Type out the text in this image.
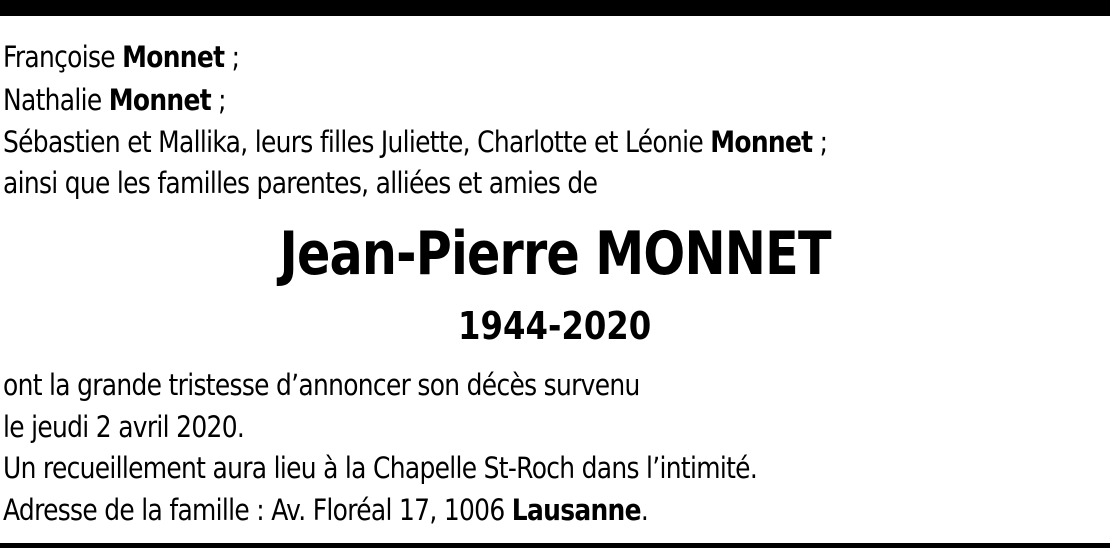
Françoise Monnet ;
Nathalie Monnet ;
Sébastien et Mallika, leurs filles Juliette, Charlotte et Léonie Monnet ;
ainsi que les familles parentes, alliées et amies de
Jean-Pierre MONNET
1944-2020
ont la grande tristesse d’annoncer son décès survenu
le jeudi 2 avril 2020.
Un recueillement aura lieu à la Chapelle St-Roch dans l’intimité.
Adresse de la famille : Av. Floréal 17, 1006 Lausanne.
